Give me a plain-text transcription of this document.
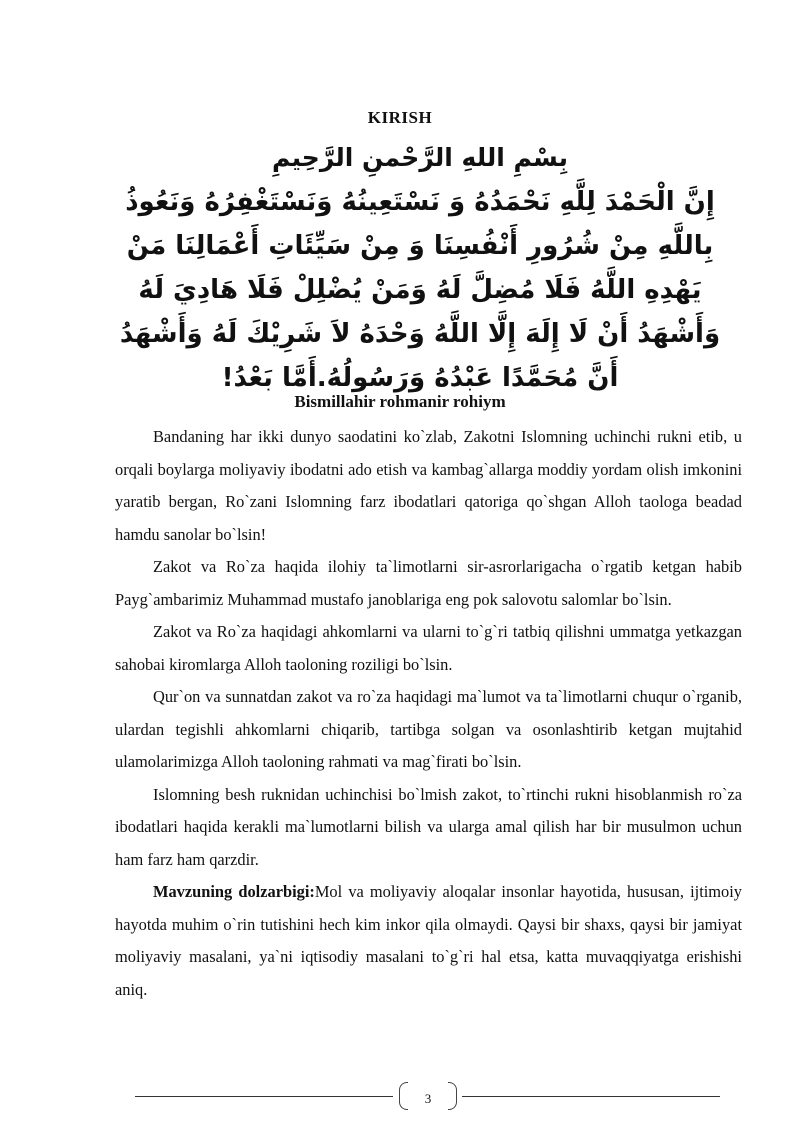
KIRISH
بِسْمِ اللهِ الرَّحْمنِ الرَّحِيمِ
إِنَّ الْحَمْدَ لِلَّهِ نَحْمَدُهُ وَ نَسْتَعِينُهُ وَنَسْتَغْفِرُهُ وَنَعُوذُ بِاللَّهِ مِنْ شُرُورِ أَنْفُسِنَا وَ مِنْ سَيِّئَاتِ أَعْمَالِنَا مَنْ يَهْدِهِ اللَّهُ فَلَا مُضِلَّ لَهُ وَمَنْ يُضْلِلْ فَلَا هَادِيَ لَهُ وَأَشْهَدُ أَنْ لَا إِلَهَ إِلَّا اللَّهُ وَحْدَهُ لاَ شَرِيْكَ لَهُ وَأَشْهَدُ أَنَّ مُحَمَّدًا عَبْدُهُ وَرَسُولُهُ.أَمَّا بَعْدُ!
Bismillahir rohmanir rohiym

Bandaning har ikki dunyo saodatini ko`zlab, Zakotni Islomning uchinchi rukni etib, u orqali boylarga moliyaviy ibodatni ado etish va kambag`allarga moddiy yordam olish imkonini yaratib bergan, Ro`zani Islomning farz ibodatlari qatoriga qo`shgan Alloh taologa beadad hamdu sanolar bo`lsin!

Zakot va Ro`za haqida ilohiy ta`limotlarni sir-asrorlarigacha o`rgatib ketgan habib Payg`ambarimiz Muhammad mustafo janoblariga eng pok salovotu salomlar bo`lsin.

Zakot va Ro`za haqidagi ahkomlarni va ularni to`g`ri tatbiq qilishni ummatga yetkazgan sahobai kiromlarga Alloh taoloning roziligi bo`lsin.

Qur`on va sunnatdan zakot va ro`za haqidagi ma`lumot va ta`limotlarni chuqur o`rganib, ulardan tegishli ahkomlarni chiqarib, tartibga solgan va osonlashtirib ketgan mujtahid ulamolarimizga Alloh taoloning rahmati va mag`firati bo`lsin.

Islomning besh ruknidan uchinchisi bo`lmish zakot, to`rtinchi rukni hisoblanmish ro`za ibodatlari haqida kerakli ma`lumotlarni bilish va ularga amal qilish har bir musulmon uchun ham farz ham qarzdir.

Mavzuning dolzarbigi:Mol va moliyaviy aloqalar insonlar hayotida, hususan, ijtimoiy hayotda muhim o`rin tutishini hech kim inkor qila olmaydi. Qaysi bir shaxs, qaysi bir jamiyat moliyaviy masalani, ya`ni iqtisodiy masalani to`g`ri hal etsa, katta muvaqqiyatga erishishi aniq.

3
